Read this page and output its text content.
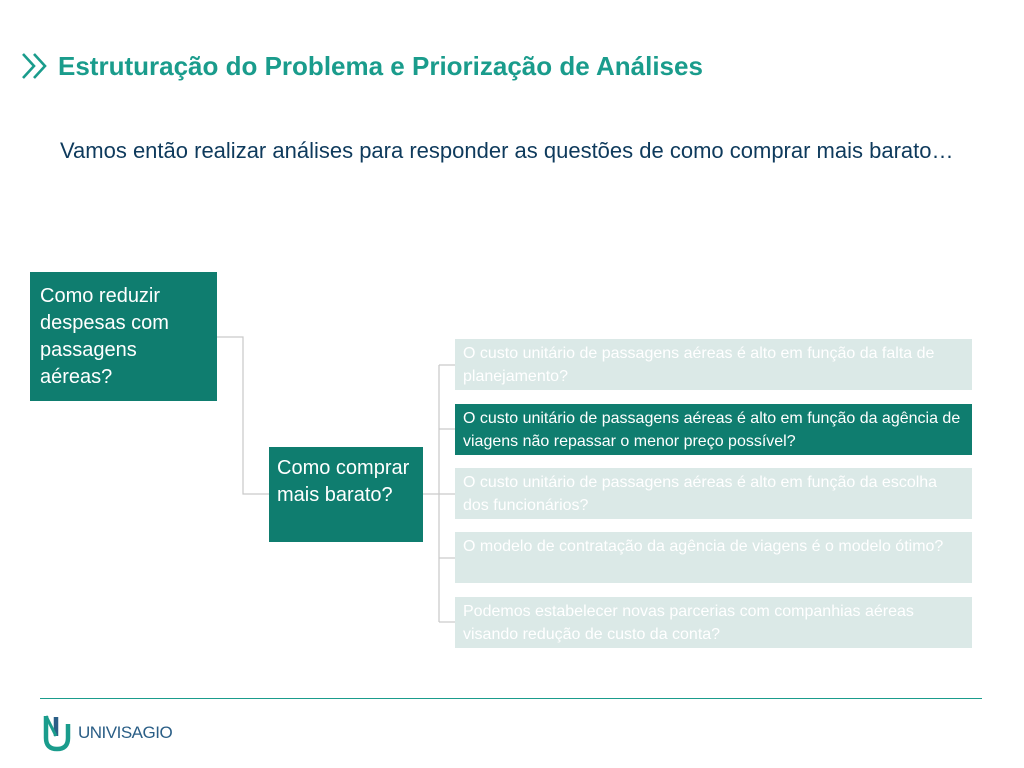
Estruturação do Problema e Priorização de Análises
Vamos então realizar análises para responder as questões de como comprar mais barato…
Como reduzir despesas com passagens aéreas?
Como comprar mais barato?
O custo unitário de passagens aéreas é alto em função da falta de planejamento?
O custo unitário de passagens aéreas é alto em função da agência de viagens não repassar o menor preço possível?
O custo unitário de passagens aéreas é alto em função da escolha dos funcionários?
O modelo de contratação da agência de viagens é o modelo ótimo?
Podemos estabelecer novas parcerias com companhias aéreas visando redução de custo da conta?
UNIVISAGIO
